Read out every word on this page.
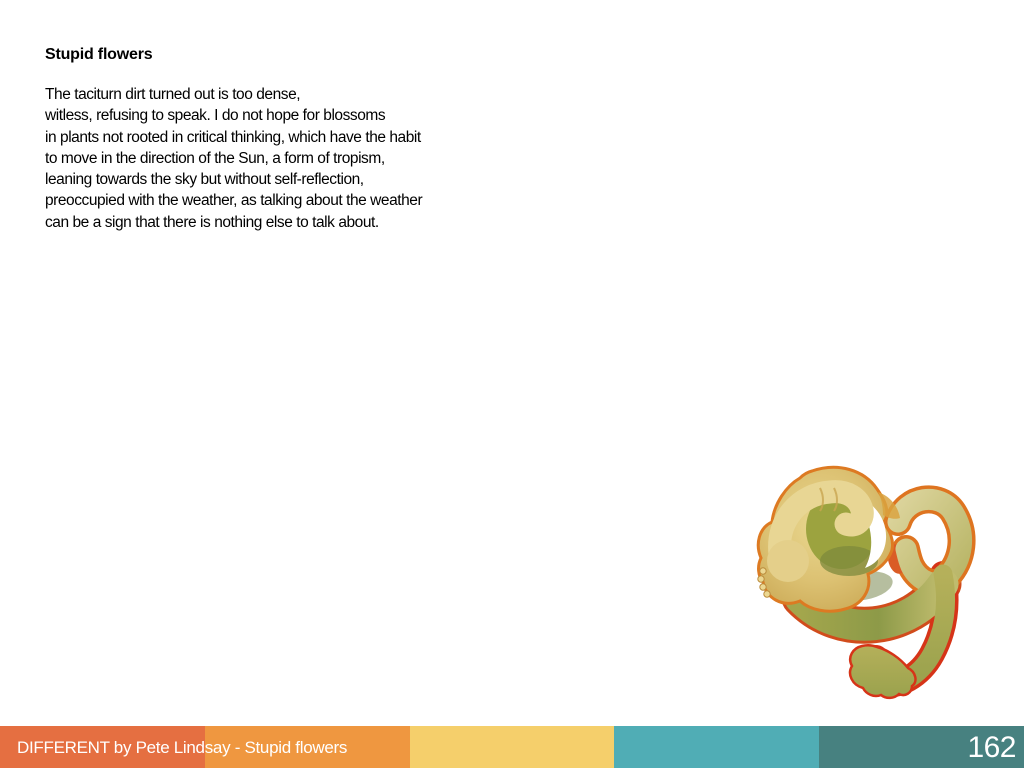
Stupid flowers
The taciturn dirt turned out is too dense,
witless, refusing to speak. I do not hope for blossoms
in plants not rooted in critical thinking, which have the habit
to move in the direction of the Sun, a form of tropism,
leaning towards the sky but without self-reflection,
preoccupied with the weather, as talking about the weather
can be a sign that there is nothing else to talk about.
DIFFERENT by Pete Lindsay - Stupid flowers	162
